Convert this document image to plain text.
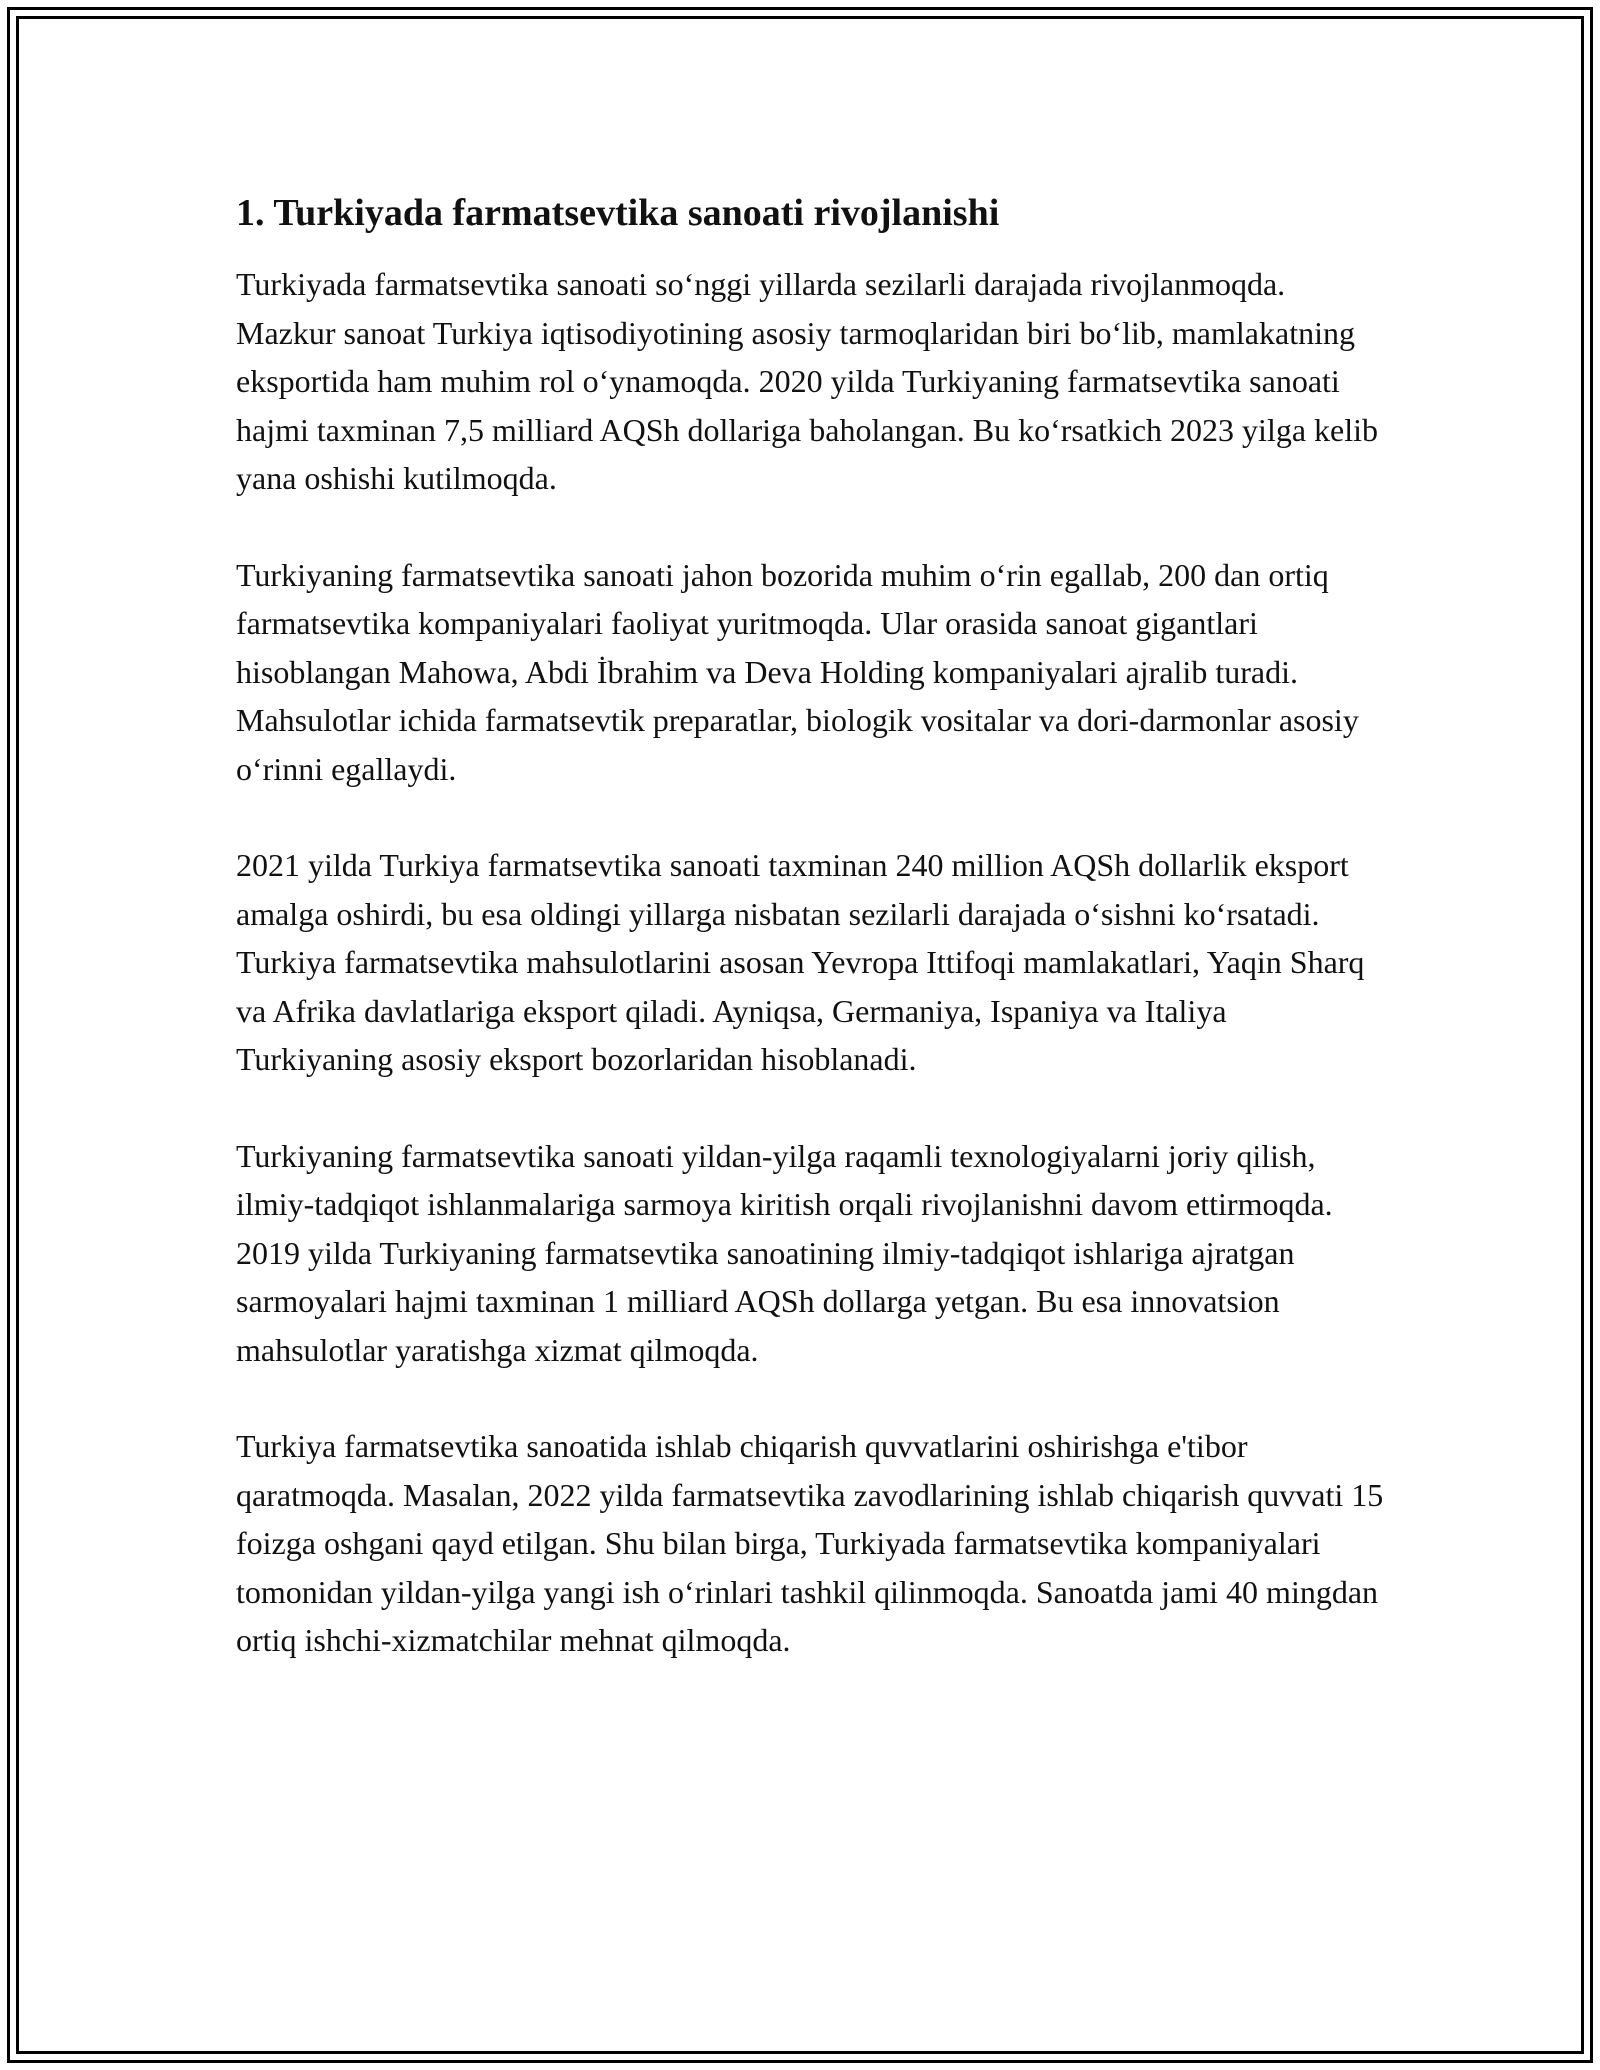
1. Turkiyada farmatsevtika sanoati rivojlanishi

Turkiyada farmatsevtika sanoati so‘nggi yillarda sezilarli darajada rivojlanmoqda. Mazkur sanoat Turkiya iqtisodiyotining asosiy tarmoqlaridan biri bo‘lib, mamlakatning eksportida ham muhim rol o‘ynamoqda. 2020 yilda Turkiyaning farmatsevtika sanoati hajmi taxminan 7,5 milliard AQSh dollariga baholangan. Bu ko‘rsatkich 2023 yilga kelib yana oshishi kutilmoqda.

Turkiyaning farmatsevtika sanoati jahon bozorida muhim o‘rin egallab, 200 dan ortiq farmatsevtika kompaniyalari faoliyat yuritmoqda. Ular orasida sanoat gigantlari hisoblangan Mahowa, Abdi İbrahim va Deva Holding kompaniyalari ajralib turadi. Mahsulotlar ichida farmatsevtik preparatlar, biologik vositalar va dori-darmonlar asosiy o‘rinni egallaydi.

2021 yilda Turkiya farmatsevtika sanoati taxminan 240 million AQSh dollarlik eksport amalga oshirdi, bu esa oldingi yillarga nisbatan sezilarli darajada o‘sishni ko‘rsatadi. Turkiya farmatsevtika mahsulotlarini asosan Yevropa Ittifoqi mamlakatlari, Yaqin Sharq va Afrika davlatlariga eksport qiladi. Ayniqsa, Germaniya, Ispaniya va Italiya Turkiyaning asosiy eksport bozorlaridan hisoblanadi.

Turkiyaning farmatsevtika sanoati yildan-yilga raqamli texnologiyalarni joriy qilish, ilmiy-tadqiqot ishlanmalariga sarmoya kiritish orqali rivojlanishni davom ettirmoqda. 2019 yilda Turkiyaning farmatsevtika sanoatining ilmiy-tadqiqot ishlariga ajratgan sarmoyalari hajmi taxminan 1 milliard AQSh dollarga yetgan. Bu esa innovatsion mahsulotlar yaratishga xizmat qilmoqda.

Turkiya farmatsevtika sanoatida ishlab chiqarish quvvatlarini oshirishga e'tibor qaratmoqda. Masalan, 2022 yilda farmatsevtika zavodlarining ishlab chiqarish quvvati 15 foizga oshgani qayd etilgan. Shu bilan birga, Turkiyada farmatsevtika kompaniyalari tomonidan yildan-yilga yangi ish o‘rinlari tashkil qilinmoqda. Sanoatda jami 40 mingdan ortiq ishchi-xizmatchilar mehnat qilmoqda.
